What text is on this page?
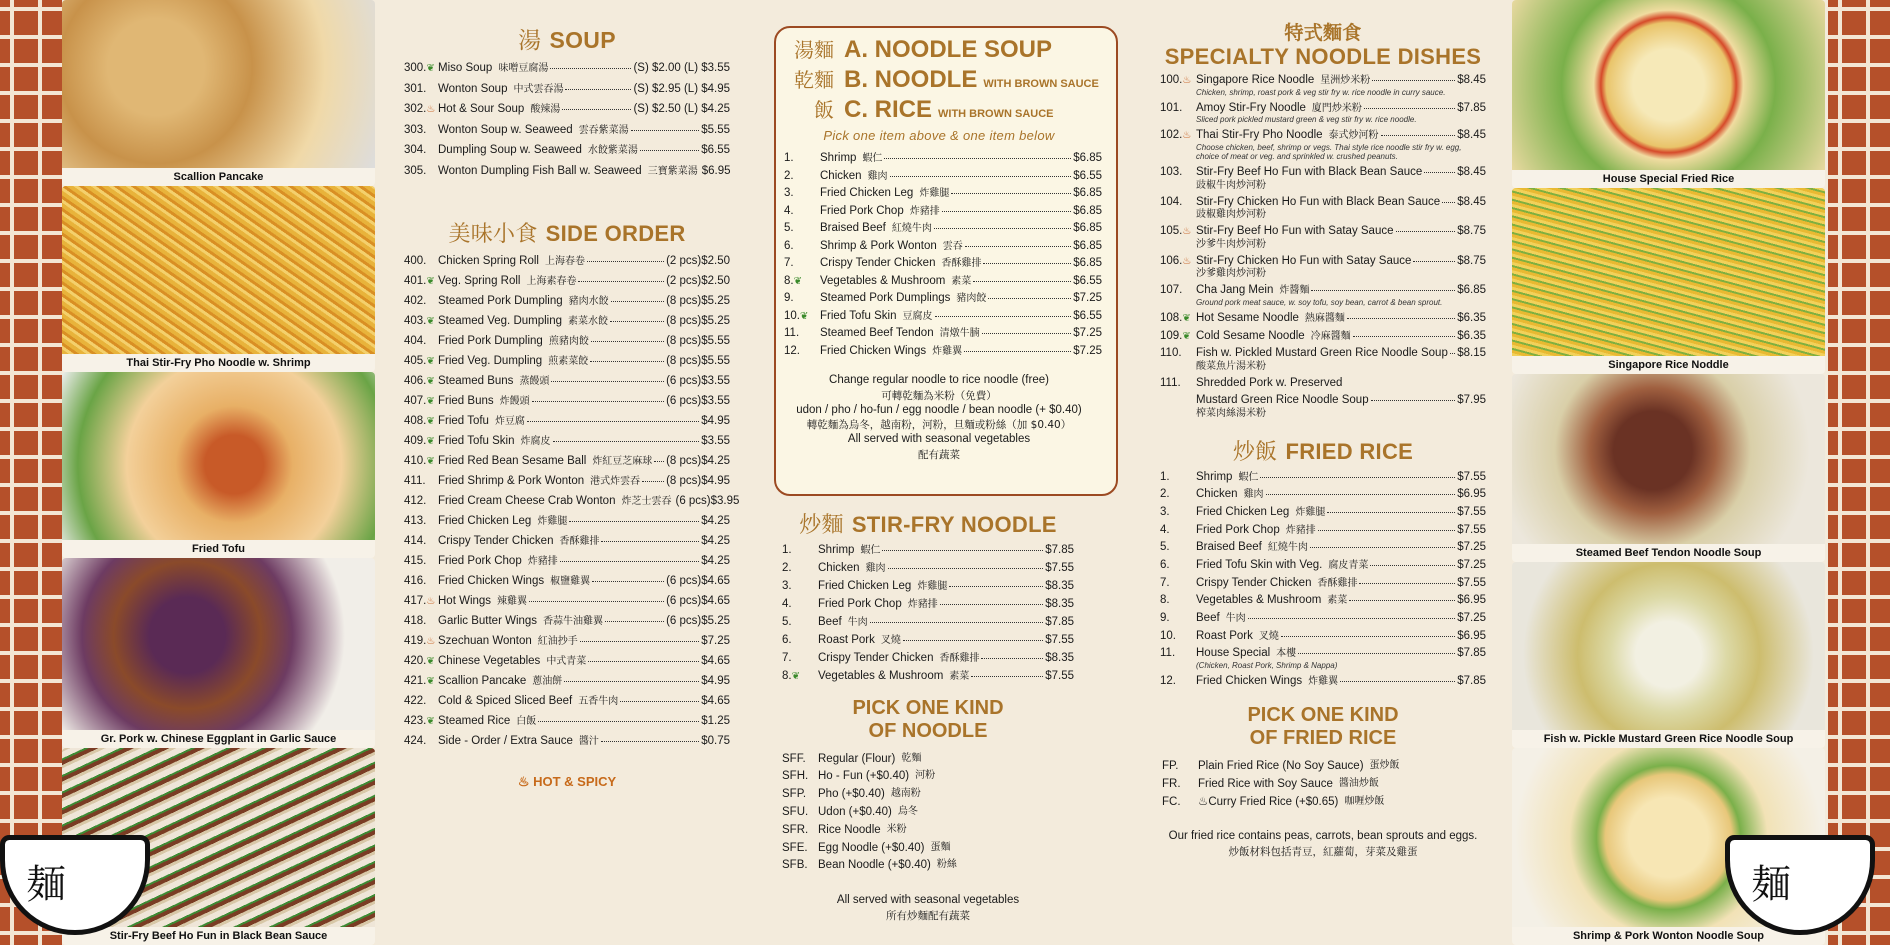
Scallion Pancake
Thai Stir-Fry Pho Noodle w. Shrimp
Fried Tofu
Gr. Pork w. Chinese Eggplant in Garlic Sauce
Stir-Fry Beef Ho Fun in Black Bean Sauce
House Special Fried Rice
Singapore Rice Noddle
Steamed Beef Tendon Noodle Soup
Fish w. Pickle Mustard Green Rice Noodle Soup
Shrimp & Pork Wonton Noodle Soup
麺	麺
湯 SOUP
300.❦ Miso Soup 味噌豆腐湯	(S) $2.00 (L) $3.55
301.	Wonton Soup 中式雲吞湯	(S) $2.95 (L) $4.95
302.♨ Hot & Sour Soup 酸辣湯	(S) $2.50 (L) $4.25
303.	Wonton Soup w. Seaweed 雲吞紫菜湯	$5.55
304.	Dumpling Soup w. Seaweed 水餃紫菜湯	$6.55
305.	Wonton Dumpling Fish Ball w. Seaweed 三寶紫菜湯 $6.95
美味小食 SIDE ORDER
400.	Chicken Spring Roll 上海春卷	(2 pcs) $2.50
401.❦ Veg. Spring Roll 上海素春卷	(2 pcs) $2.50
402.	Steamed Pork Dumpling 豬肉水餃	(8 pcs) $5.25
403.❦ Steamed Veg. Dumpling 素菜水餃	(8 pcs) $5.25
404.	Fried Pork Dumpling 煎豬肉餃	(8 pcs) $5.55
405.❦ Fried Veg. Dumpling 煎素菜餃	(8 pcs) $5.55
406.❦ Steamed Buns 蒸饅頭	(6 pcs) $3.55
407.❦ Fried Buns 炸饅頭	(6 pcs) $3.55
408.❦ Fried Tofu 炸豆腐	$4.95
409.❦ Fried Tofu Skin 炸腐皮	$3.55
410.❦ Fried Red Bean Sesame Ball 炸紅豆芝麻球 (8 pcs) $4.25
411.	Fried Shrimp & Pork Wonton 港式炸雲吞 (8 pcs) $4.95
412.	Fried Cream Cheese Crab Wonton 炸芝士雲吞 (6 pcs) $3.95
413.	Fried Chicken Leg 炸雞腿	$4.25
414.	Crispy Tender Chicken 香酥雞排	$4.25
415.	Fried Pork Chop 炸豬排	$4.25
416.	Fried Chicken Wings 椒鹽雞翼	(6 pcs) $4.65
417.♨ Hot Wings 辣雞翼	(6 pcs) $4.65
418.	Garlic Butter Wings 香蒜牛油雞翼	(6 pcs) $5.25
419.♨ Szechuan Wonton 紅油抄手	$7.25
420.❦ Chinese Vegetables 中式青菜	$4.65
421.❦ Scallion Pancake 蔥油餅	$4.95
422.	Cold & Spiced Sliced Beef 五香牛肉	$4.65
423.❦ Steamed Rice 白飯	$1.25
424.	Side - Order / Extra Sauce 醬汁	$0.75
♨ HOT & SPICY
湯麵 A. NOODLE SOUP
乾麵 B. NOODLE WITH BROWN SAUCE
飯 C. RICE WITH BROWN SAUCE
Pick one item above & one item below
1.	Shrimp 蝦仁	$6.85
2.	Chicken 雞肉	$6.55
3.	Fried Chicken Leg 炸雞腿	$6.85
4.	Fried Pork Chop 炸豬排	$6.85
5.	Braised Beef 紅燒牛肉	$6.85
6.	Shrimp & Pork Wonton 雲吞	$6.85
7.	Crispy Tender Chicken 香酥雞排	$6.85
8.❦	Vegetables & Mushroom 素菜	$6.55
9.	Steamed Pork Dumplings 豬肉餃	$7.25
10.❦	Fried Tofu Skin 豆腐皮	$6.55
11.	Steamed Beef Tendon 清燉牛腩	$7.25
12.	Fried Chicken Wings 炸雞翼	$7.25
Change regular noodle to rice noodle (free)
可轉乾麵為米粉（免費）
udon / pho / ho-fun / egg noodle / bean noodle (+ $0.40)
轉乾麵為烏冬，越南粉，河粉，旦麵或粉絲（加 $0.40）
All served with seasonal vegetables
配有蔬菜
炒麵 STIR-FRY NOODLE
1.	Shrimp 蝦仁	$7.85
2.	Chicken 雞肉	$7.55
3.	Fried Chicken Leg 炸雞腿	$8.35
4.	Fried Pork Chop 炸豬排	$8.35
5.	Beef 牛肉	$7.85
6.	Roast Pork 叉燒	$7.55
7.	Crispy Tender Chicken 香酥雞排	$8.35
8.❦	Vegetables & Mushroom 素菜	$7.55
PICK ONE KIND
OF NOODLE
SFF.	Regular (Flour) 乾麵
SFH. Ho - Fun (+$0.40) 河粉
SFP.	Pho (+$0.40) 越南粉
SFU. Udon (+$0.40) 烏冬
SFR. Rice Noodle 米粉
SFE. Egg Noodle (+$0.40) 蛋麵
SFB. Bean Noodle (+$0.40) 粉絲
All served with seasonal vegetables
所有炒麵配有蔬菜
特式麵食
SPECIALTY NOODLE DISHES
100.♨ Singapore Rice Noodle 星洲炒米粉	$8.45
Chicken, shrimp, roast pork & veg stir fry w. rice noodle in curry sauce.
101.	Amoy Stir-Fry Noodle 廈門炒米粉	$7.85
Sliced pork pickled mustard green & veg stir fry w. rice noodle.
102.♨ Thai Stir-Fry Pho Noodle 泰式炒河粉	$8.45
Choose chicken, beef, shrimp or vegs. Thai style rice noodle stir fry w. egg, choice of meat or veg. and sprinkled w. crushed peanuts.
103.	Stir-Fry Beef Ho Fun with Black Bean Sauce	$8.45
豉椒牛肉炒河粉
104.	Stir-Fry Chicken Ho Fun with Black Bean Sauce $8.45
豉椒雞肉炒河粉
105.♨ Stir-Fry Beef Ho Fun with Satay Sauce	$8.75
沙爹牛肉炒河粉
106.♨ Stir-Fry Chicken Ho Fun with Satay Sauce	$8.75
沙爹雞肉炒河粉
107.	Cha Jang Mein 炸醬麵	$6.85
Ground pork meat sauce, w. soy tofu, soy bean, carrot & bean sprout.
108.❦ Hot Sesame Noodle 熱麻醬麵	$6.35
109.❦ Cold Sesame Noodle 冷麻醬麵	$6.35
110.	Fish w. Pickled Mustard Green Rice Noodle Soup $8.15
酸菜魚片湯米粉
111.	Shredded Pork w. Preserved
Mustard Green Rice Noodle Soup	$7.95
榨菜肉絲湯米粉
炒飯 FRIED RICE
1.	Shrimp 蝦仁	$7.55
2.	Chicken 雞肉	$6.95
3.	Fried Chicken Leg 炸雞腿	$7.55
4.	Fried Pork Chop 炸豬排	$7.55
5.	Braised Beef 紅燒牛肉	$7.25
6.	Fried Tofu Skin with Veg. 腐皮青菜	$7.25
7.	Crispy Tender Chicken 香酥雞排	$7.55
8.	Vegetables & Mushroom 素菜	$6.95
9.	Beef 牛肉	$7.25
10.	Roast Pork 叉燒	$6.95
11.	House Special 本樓	$7.85
(Chicken, Roast Pork, Shrimp & Nappa)
12.	Fried Chicken Wings 炸雞翼	$7.85
PICK ONE KIND
OF FRIED RICE
FP.	Plain Fried Rice (No Soy Sauce) 蛋炒飯
FR.	Fried Rice with Soy Sauce 醬油炒飯
FC.	♨ Curry Fried Rice (+$0.65) 咖喱炒飯
Our fried rice contains peas, carrots, bean sprouts and eggs.
炒飯材料包括青豆，紅蘿蔔，芽菜及雞蛋
